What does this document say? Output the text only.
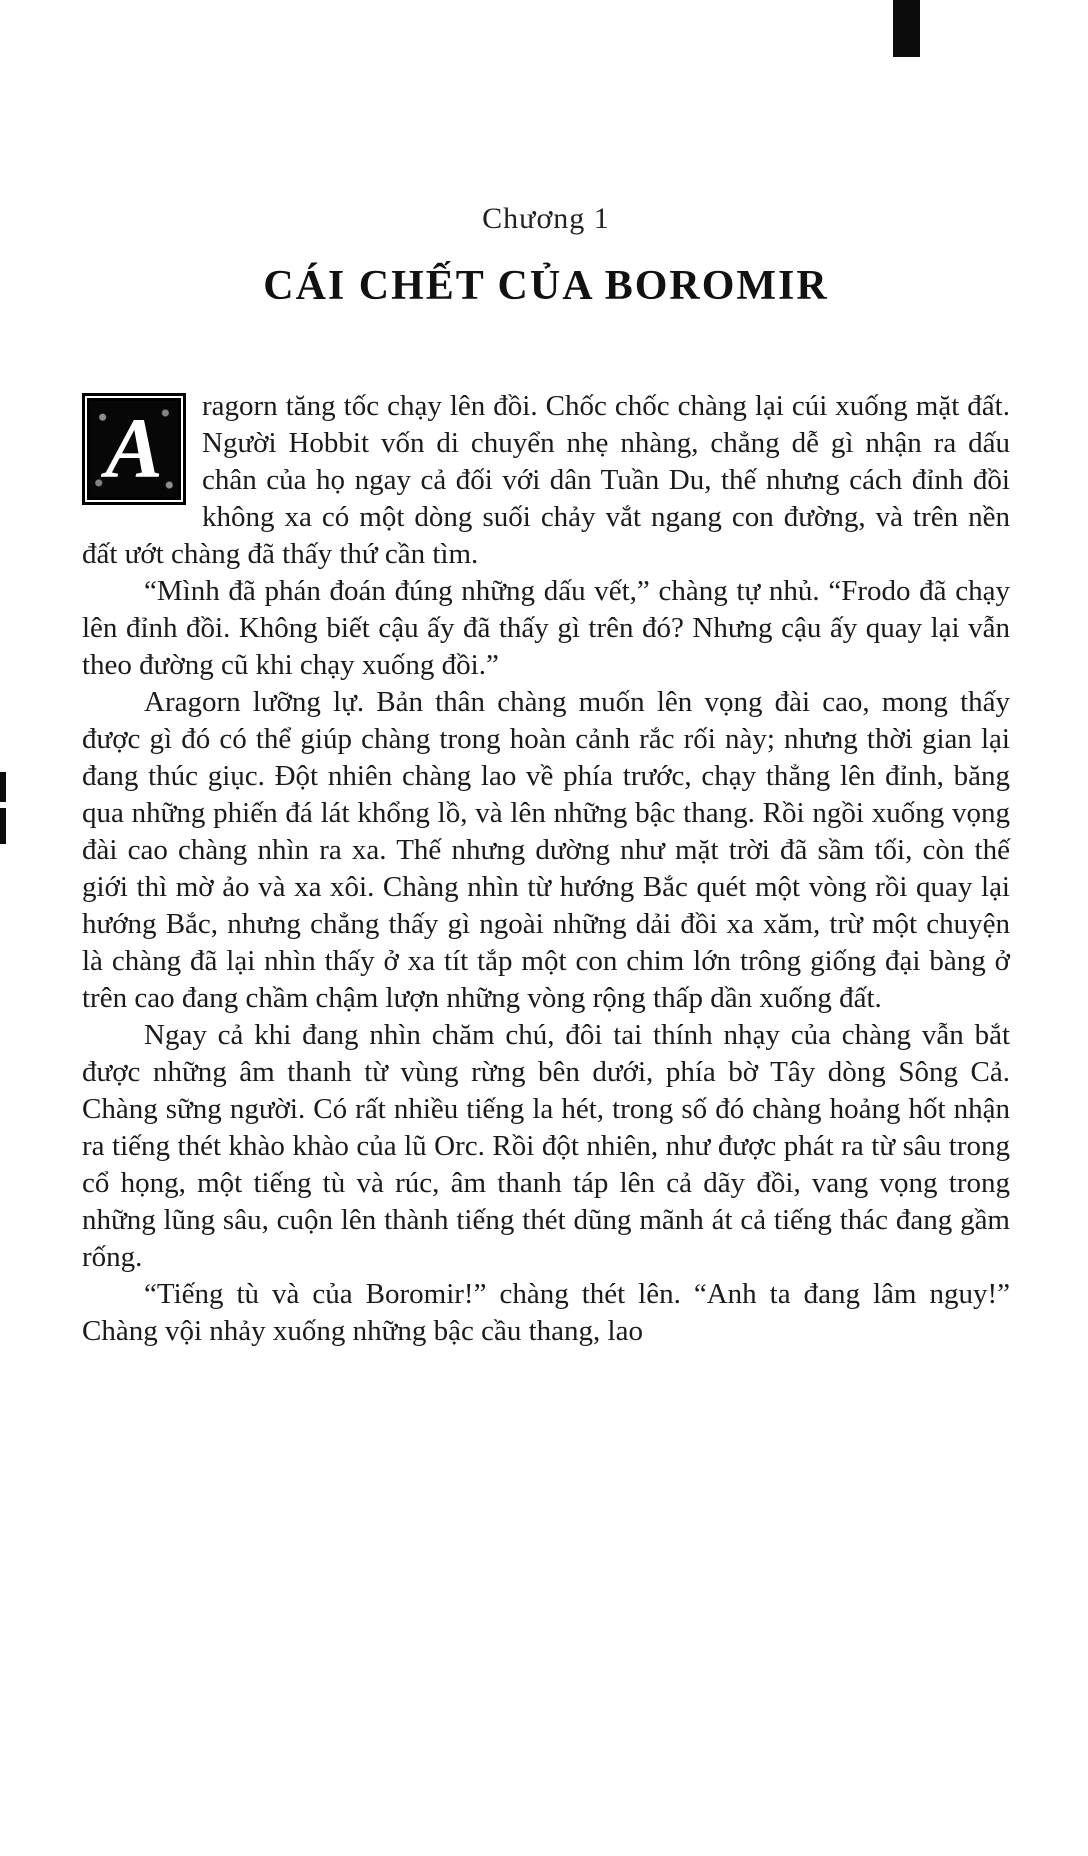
Chương 1
CÁI CHẾT CỦA BOROMIR

A	ragorn tăng tốc chạy lên đồi. Chốc chốc chàng lại cúi xuống mặt đất. Người Hobbit vốn di chuyển nhẹ nhàng, chẳng dễ gì nhận ra dấu chân của họ ngay cả đối với dân Tuần Du, thế nhưng cách đỉnh đồi không xa có một dòng suối chảy vắt ngang con đường, và trên nền đất ướt chàng đã thấy thứ cần tìm.

“Mình đã phán đoán đúng những dấu vết,” chàng tự nhủ. “Frodo đã chạy lên đỉnh đồi. Không biết cậu ấy đã thấy gì trên đó? Nhưng cậu ấy quay lại vẫn theo đường cũ khi chạy xuống đồi.”

Aragorn lưỡng lự. Bản thân chàng muốn lên vọng đài cao, mong thấy được gì đó có thể giúp chàng trong hoàn cảnh rắc rối này; nhưng thời gian lại đang thúc giục. Đột nhiên chàng lao về phía trước, chạy thẳng lên đỉnh, băng qua những phiến đá lát khổng lồ, và lên những bậc thang. Rồi ngồi xuống vọng đài cao chàng nhìn ra xa. Thế nhưng dường như mặt trời đã sầm tối, còn thế giới thì mờ ảo và xa xôi. Chàng nhìn từ hướng Bắc quét một vòng rồi quay lại hướng Bắc, nhưng chẳng thấy gì ngoài những dải đồi xa xăm, trừ một chuyện là chàng đã lại nhìn thấy ở xa tít tắp một con chim lớn trông giống đại bàng ở trên cao đang chầm chậm lượn những vòng rộng thấp dần xuống đất.

Ngay cả khi đang nhìn chăm chú, đôi tai thính nhạy của chàng vẫn bắt được những âm thanh từ vùng rừng bên dưới, phía bờ Tây dòng Sông Cả. Chàng sững người. Có rất nhiều tiếng la hét, trong số đó chàng hoảng hốt nhận ra tiếng thét khào khào của lũ Orc. Rồi đột nhiên, như được phát ra từ sâu trong cổ họng, một tiếng tù và rúc, âm thanh táp lên cả dãy đồi, vang vọng trong những lũng sâu, cuộn lên thành tiếng thét dũng mãnh át cả tiếng thác đang gầm rống.

“Tiếng tù và của Boromir!” chàng thét lên. “Anh ta đang lâm nguy!” Chàng vội nhảy xuống những bậc cầu thang, lao
